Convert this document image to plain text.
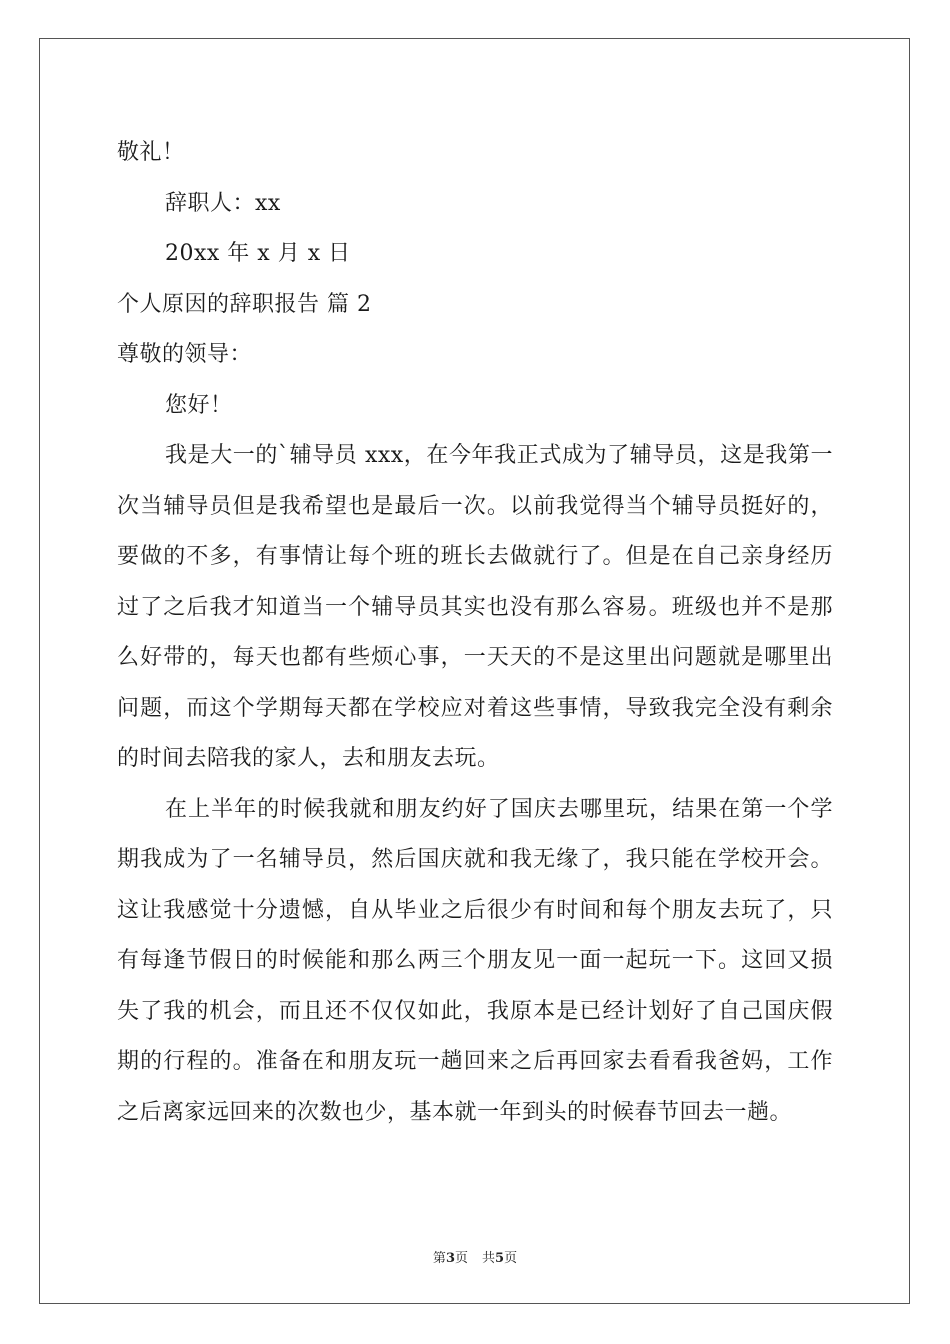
敬礼！
辞职人：xx
20xx 年 x 月 x 日
个人原因的辞职报告 篇 2
尊敬的领导：
您好！

我是大一的`辅导员 xxx，在今年我正式成为了辅导员，这是我第一次当辅导员但是我希望也是最后一次。以前我觉得当个辅导员挺好的，要做的不多，有事情让每个班的班长去做就行了。但是在自己亲身经历过了之后我才知道当一个辅导员其实也没有那么容易。班级也并不是那么好带的，每天也都有些烦心事，一天天的不是这里出问题就是哪里出问题，而这个学期每天都在学校应对着这些事情，导致我完全没有剩余的时间去陪我的家人，去和朋友去玩。

在上半年的时候我就和朋友约好了国庆去哪里玩，结果在第一个学期我成为了一名辅导员，然后国庆就和我无缘了，我只能在学校开会。这让我感觉十分遗憾，自从毕业之后很少有时间和每个朋友去玩了，只有每逢节假日的时候能和那么两三个朋友见一面一起玩一下。这回又损失了我的机会，而且还不仅仅如此，我原本是已经计划好了自己国庆假期的行程的。准备在和朋友玩一趟回来之后再回家去看看我爸妈，工作之后离家远回来的次数也少，基本就一年到头的时候春节回去一趟。

第3页 共5页
